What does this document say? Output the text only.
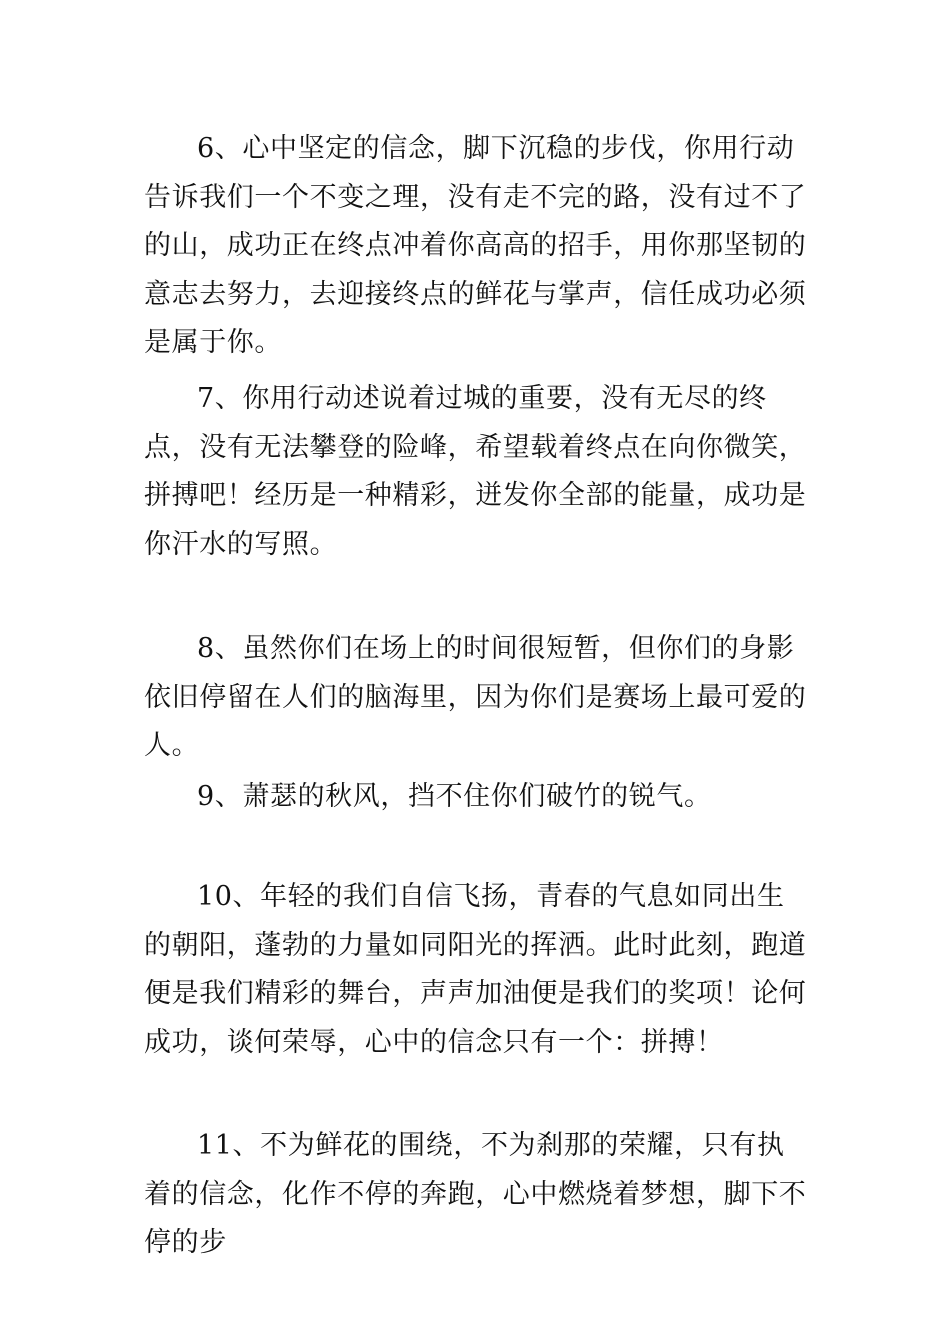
6、心中坚定的信念，脚下沉稳的步伐，你用行动告诉我们一个不变之理，没有走不完的路，没有过不了的山，成功正在终点冲着你高高的招手，用你那坚韧的意志去努力，去迎接终点的鲜花与掌声，信任成功必须是属于你。

7、你用行动述说着过城的重要，没有无尽的终点，没有无法攀登的险峰，希望载着终点在向你微笑，拼搏吧！经历是一种精彩，迸发你全部的能量，成功是你汗水的写照。

8、虽然你们在场上的时间很短暂，但你们的身影依旧停留在人们的脑海里，因为你们是赛场上最可爱的人。

9、萧瑟的秋风，挡不住你们破竹的锐气。

10、年轻的我们自信飞扬，青春的气息如同出生的朝阳，蓬勃的力量如同阳光的挥洒。此时此刻，跑道便是我们精彩的舞台，声声加油便是我们的奖项！论何成功，谈何荣辱，心中的信念只有一个：拼搏！

11、不为鲜花的围绕，不为刹那的荣耀，只有执着的信念，化作不停的奔跑，心中燃烧着梦想，脚下不停的步
